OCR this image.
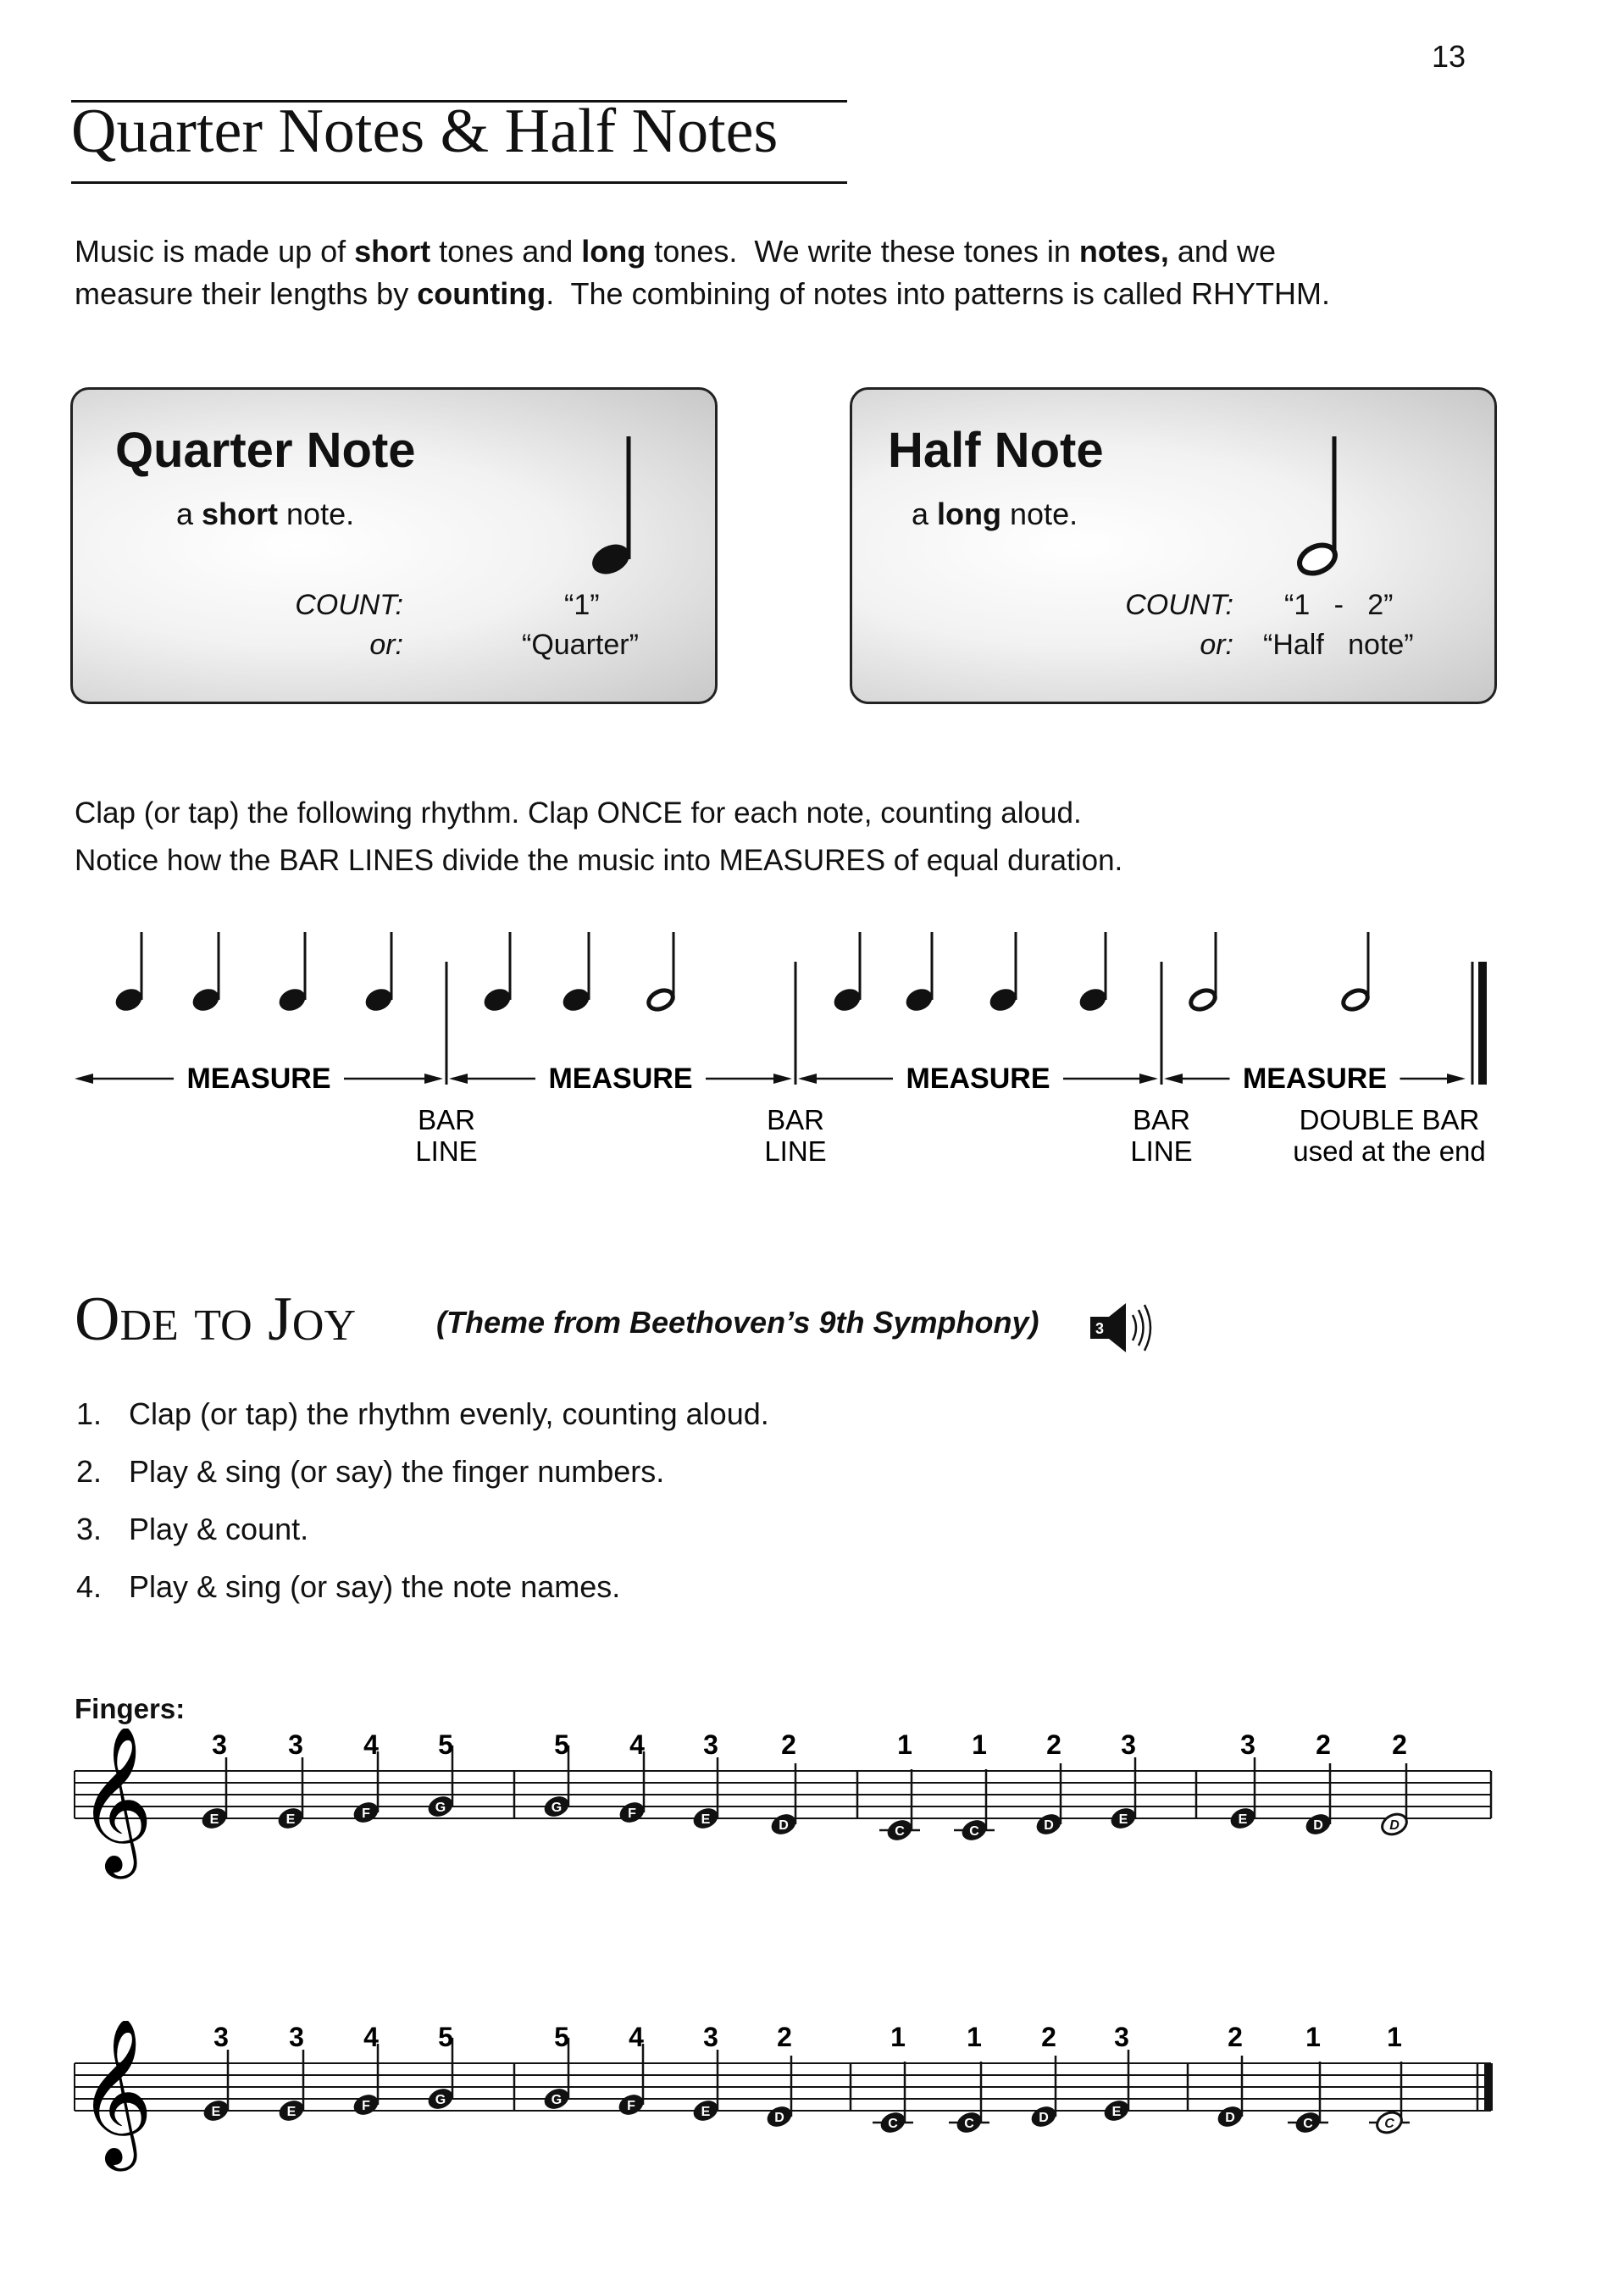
13
Quarter Notes & Half Notes
Music is made up of short tones and long tones.  We write these tones in notes, and we
measure their lengths by counting.  The combining of notes into patterns is called RHYTHM.
Quarter Note
a short note.
COUNT:	“1”
or:	“Quarter”
Half Note
a long note.
COUNT: “1   -   2”
or: “Half   note”
Clap (or tap) the following rhythm. Clap ONCE for each note, counting aloud.
Notice how the BAR LINES divide the music into MEASURES of equal duration.
MEASURE	MEASURE	MEASURE	MEASURE
BAR
LINE
BAR
LINE
BAR
LINE
DOUBLE BAR
used at the end
Ode to Joy	(Theme from Beethoven’s 9th Symphony)	3
1. Clap (or tap) the rhythm evenly, counting aloud.
2. Play & sing (or say) the finger numbers.
3. Play & count.
4. Play & sing (or say) the note names.
Fingers:
𝄞	E
3
E
3
F
4
G
5
G
5
F
4
E
3
D
2
C
1
C
1
D
2
E
3
E
3
D
2
D
2
𝄞	E
3
E
3
F
4
G
5
G
5
F
4
E
3
D
2
C
1
C
1
D
2
E
3
D
2
C
1
C
1
